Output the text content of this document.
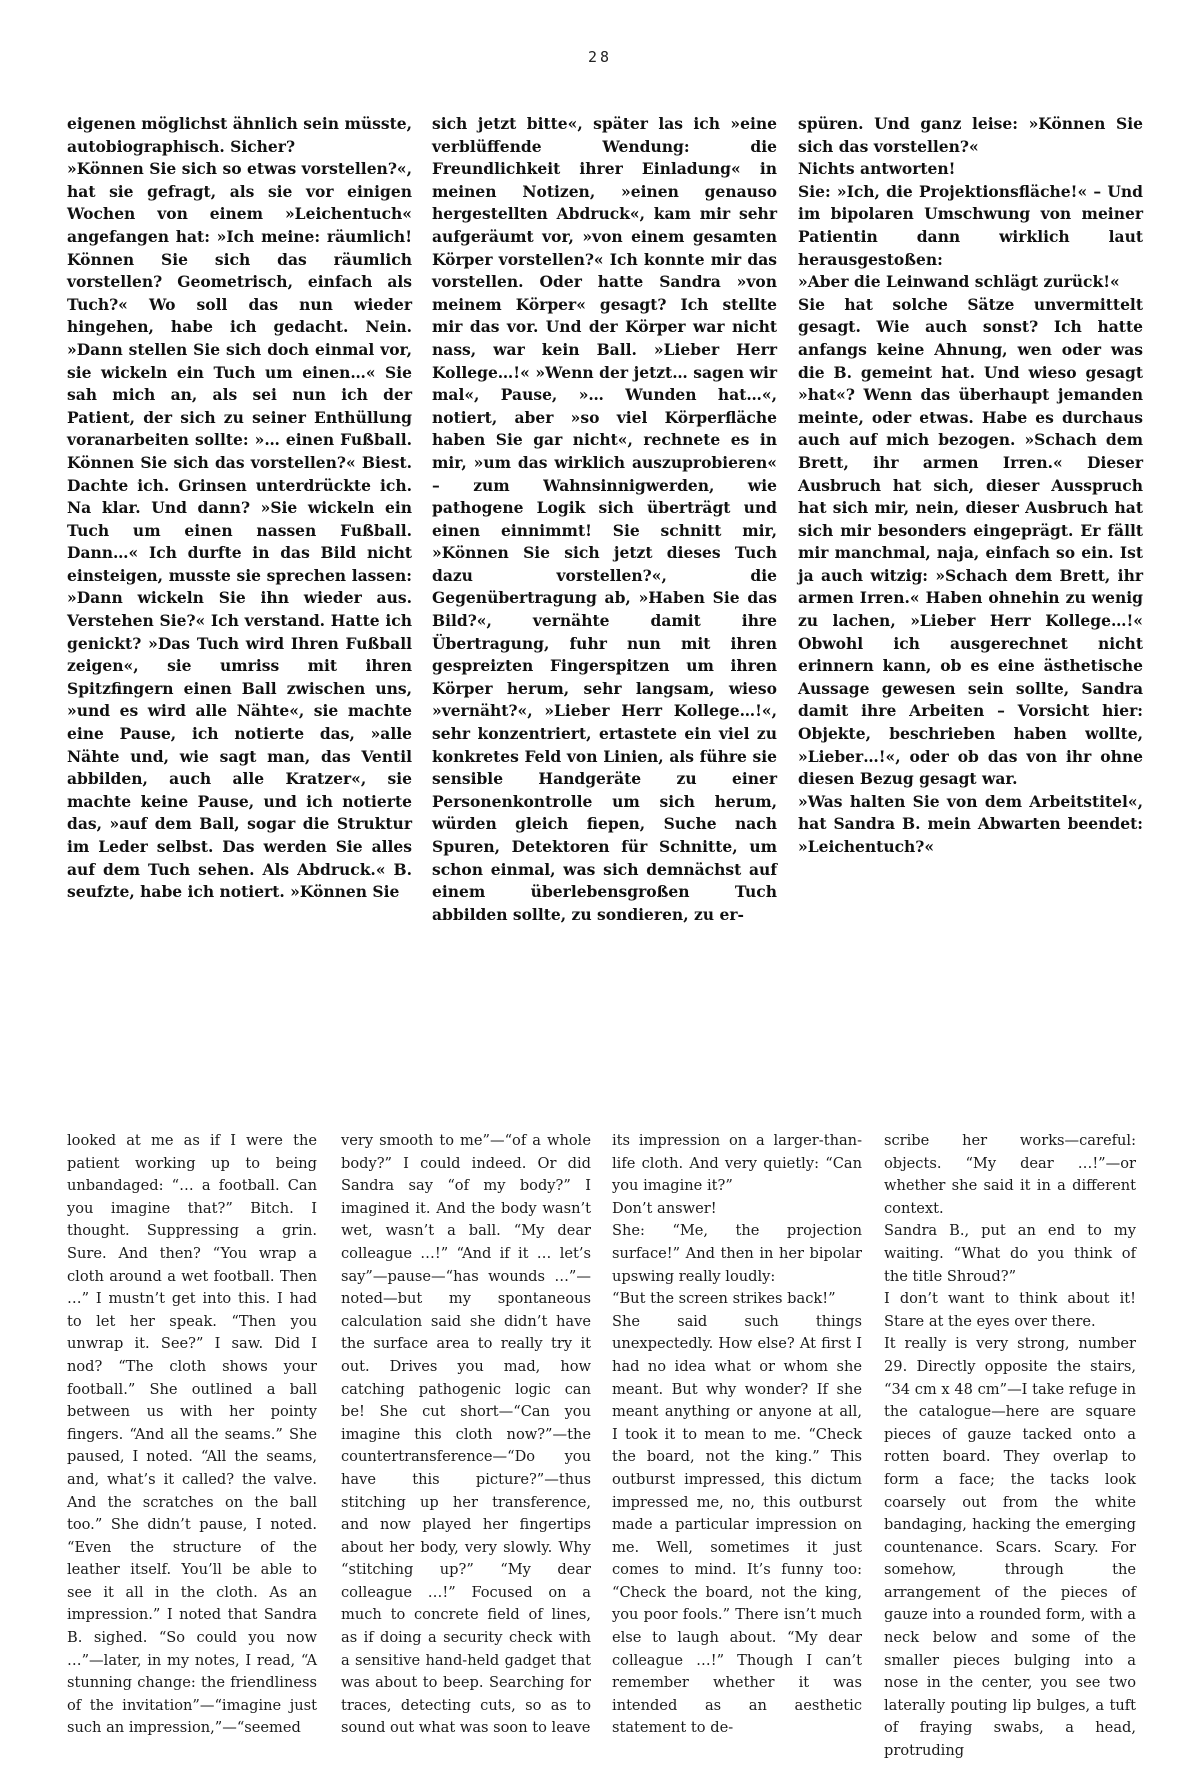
28

eigenen möglichst ähnlich sein müsste, autobiographisch. Sicher?

»Können Sie sich so etwas vorstellen?«, hat sie gefragt, als sie vor einigen Wochen von einem »Leichentuch« angefangen hat: »Ich meine: räumlich! Können Sie sich das räumlich vorstellen? Geometrisch, einfach als Tuch?« Wo soll das nun wieder hingehen, habe ich gedacht. Nein. »Dann stellen Sie sich doch einmal vor, sie wickeln ein Tuch um einen…« Sie sah mich an, als sei nun ich der Patient, der sich zu seiner Enthüllung voranarbeiten sollte: »… einen Fußball. Können Sie sich das vorstellen?« Biest. Dachte ich. Grinsen unterdrückte ich. Na klar. Und dann? »Sie wickeln ein Tuch um einen nassen Fußball. Dann…« Ich durfte in das Bild nicht einsteigen, musste sie sprechen lassen: »Dann wickeln Sie ihn wieder aus. Verstehen Sie?« Ich verstand. Hatte ich genickt? »Das Tuch wird Ihren Fußball zeigen«, sie umriss mit ihren Spitzfingern einen Ball zwischen uns, »und es wird alle Nähte«, sie machte eine Pause, ich notierte das, »alle Nähte und, wie sagt man, das Ventil abbilden, auch alle Kratzer«, sie machte keine Pause, und ich notierte das, »auf dem Ball, sogar die Struktur im Leder selbst. Das werden Sie alles auf dem Tuch sehen. Als Abdruck.« B. seufzte, habe ich notiert. »Können Sie

sich jetzt bitte«, später las ich »eine verblüffende Wendung: die Freundlichkeit ihrer Einladung« in meinen Notizen, »einen genauso hergestellten Abdruck«, kam mir sehr aufgeräumt vor, »von einem gesamten Körper vorstellen?« Ich konnte mir das vorstellen. Oder hatte Sandra »von meinem Körper« gesagt? Ich stellte mir das vor. Und der Körper war nicht nass, war kein Ball. »Lieber Herr Kollege…!« »Wenn der jetzt… sagen wir mal«, Pause, »… Wunden hat…«, notiert, aber »so viel Körperfläche haben Sie gar nicht«, rechnete es in mir, »um das wirklich auszuprobieren« – zum Wahnsinnigwerden, wie pathogene Logik sich überträgt und einen einnimmt! Sie schnitt mir, »Können Sie sich jetzt dieses Tuch dazu vorstellen?«, die Gegenübertragung ab, »Haben Sie das Bild?«, vernähte damit ihre Übertragung, fuhr nun mit ihren gespreizten Fingerspitzen um ihren Körper herum, sehr langsam, wieso »vernäht?«, »Lieber Herr Kollege…!«, sehr konzentriert, ertastete ein viel zu konkretes Feld von Linien, als führe sie sensible Handgeräte zu einer Personenkontrolle um sich herum, würden gleich fiepen, Suche nach Spuren, Detektoren für Schnitte, um schon einmal, was sich demnächst auf einem überlebensgroßen Tuch abbilden sollte, zu sondieren, zu er-

spüren. Und ganz leise: »Können Sie sich das vorstellen?«

Nichts antworten!

Sie: »Ich, die Projektionsfläche!« – Und im bipolaren Umschwung von meiner Patientin dann wirklich laut herausgestoßen:

»Aber die Leinwand schlägt zurück!«

Sie hat solche Sätze unvermittelt gesagt. Wie auch sonst? Ich hatte anfangs keine Ahnung, wen oder was die B. gemeint hat. Und wieso gesagt »hat«? Wenn das überhaupt jemanden meinte, oder etwas. Habe es durchaus auch auf mich bezogen. »Schach dem Brett, ihr armen Irren.« Dieser Ausbruch hat sich, dieser Ausspruch hat sich mir, nein, dieser Ausbruch hat sich mir besonders eingeprägt. Er fällt mir manchmal, naja, einfach so ein. Ist ja auch witzig: »Schach dem Brett, ihr armen Irren.« Haben ohnehin zu wenig zu lachen, »Lieber Herr Kollege…!« Obwohl ich ausgerechnet nicht erinnern kann, ob es eine ästhetische Aussage gewesen sein sollte, Sandra damit ihre Arbeiten – Vorsicht hier: Objekte, beschrieben haben wollte, »Lieber…!«, oder ob das von ihr ohne diesen Bezug gesagt war.

»Was halten Sie von dem Arbeitstitel«, hat Sandra B. mein Abwarten beendet: »Leichentuch?«

looked at me as if I were the patient working up to being unbandaged: “… a football. Can you imagine that?” Bitch. I thought. Suppressing a grin. Sure. And then? “You wrap a cloth around a wet football. Then …” I mustn’t get into this. I had to let her speak. “Then you unwrap it. See?” I saw. Did I nod? “The cloth shows your football.” She outlined a ball between us with her pointy fingers. “And all the seams.” She paused, I noted. “All the seams, and, what’s it called? the valve. And the scratches on the ball too.” She didn’t pause, I noted. “Even the structure of the leather itself. You’ll be able to see it all in the cloth. As an impression.” I noted that Sandra B. sighed. “So could you now …”—later, in my notes, I read, “A stunning change: the friendliness of the invitation”—“imagine just such an impression,”—“seemed

very smooth to me”—“of a whole body?” I could indeed. Or did Sandra say “of my body?” I imagined it. And the body wasn’t wet, wasn’t a ball. “My dear colleague …!” “And if it … let’s say”—pause—“has wounds …”—noted—but my spontaneous calculation said she didn’t have the surface area to really try it out. Drives you mad, how catching pathogenic logic can be! She cut short—“Can you imagine this cloth now?”—the countertransference—“Do you have this picture?”—thus stitching up her transference, and now played her fingertips about her body, very slowly. Why “stitching up?” “My dear colleague …!” Focused on a much to concrete field of lines, as if doing a security check with a sensitive hand-held gadget that was about to beep. Searching for traces, detecting cuts, so as to sound out what was soon to leave

its impression on a larger-than-life cloth. And very quietly: “Can you imagine it?”

Don’t answer!

She: “Me, the projection surface!” And then in her bipolar upswing really loudly:

“But the screen strikes back!”

She said such things unexpectedly. How else? At first I had no idea what or whom she meant. But why wonder? If she meant anything or anyone at all, I took it to mean to me. “Check the board, not the king.” This outburst impressed, this dictum impressed me, no, this outburst made a particular impression on me. Well, sometimes it just comes to mind. It’s funny too: “Check the board, not the king, you poor fools.” There isn’t much else to laugh about. “My dear colleague …!” Though I can’t remember whether it was intended as an aesthetic statement to de-

scribe her works—careful: objects. “My dear …!”—or whether she said it in a different context.

Sandra B., put an end to my waiting. “What do you think of the title Shroud?”

I don’t want to think about it! Stare at the eyes over there.

It really is very strong, number 29. Directly opposite the stairs, “34 cm x 48 cm”—I take refuge in the catalogue—here are square pieces of gauze tacked onto a rotten board. They overlap to form a face; the tacks look coarsely out from the white bandaging, hacking the emerging countenance. Scars. Scary. For somehow, through the arrangement of the pieces of gauze into a rounded form, with a neck below and some of the smaller pieces bulging into a nose in the center, you see two laterally pouting lip bulges, a tuft of fraying swabs, a head, protruding
